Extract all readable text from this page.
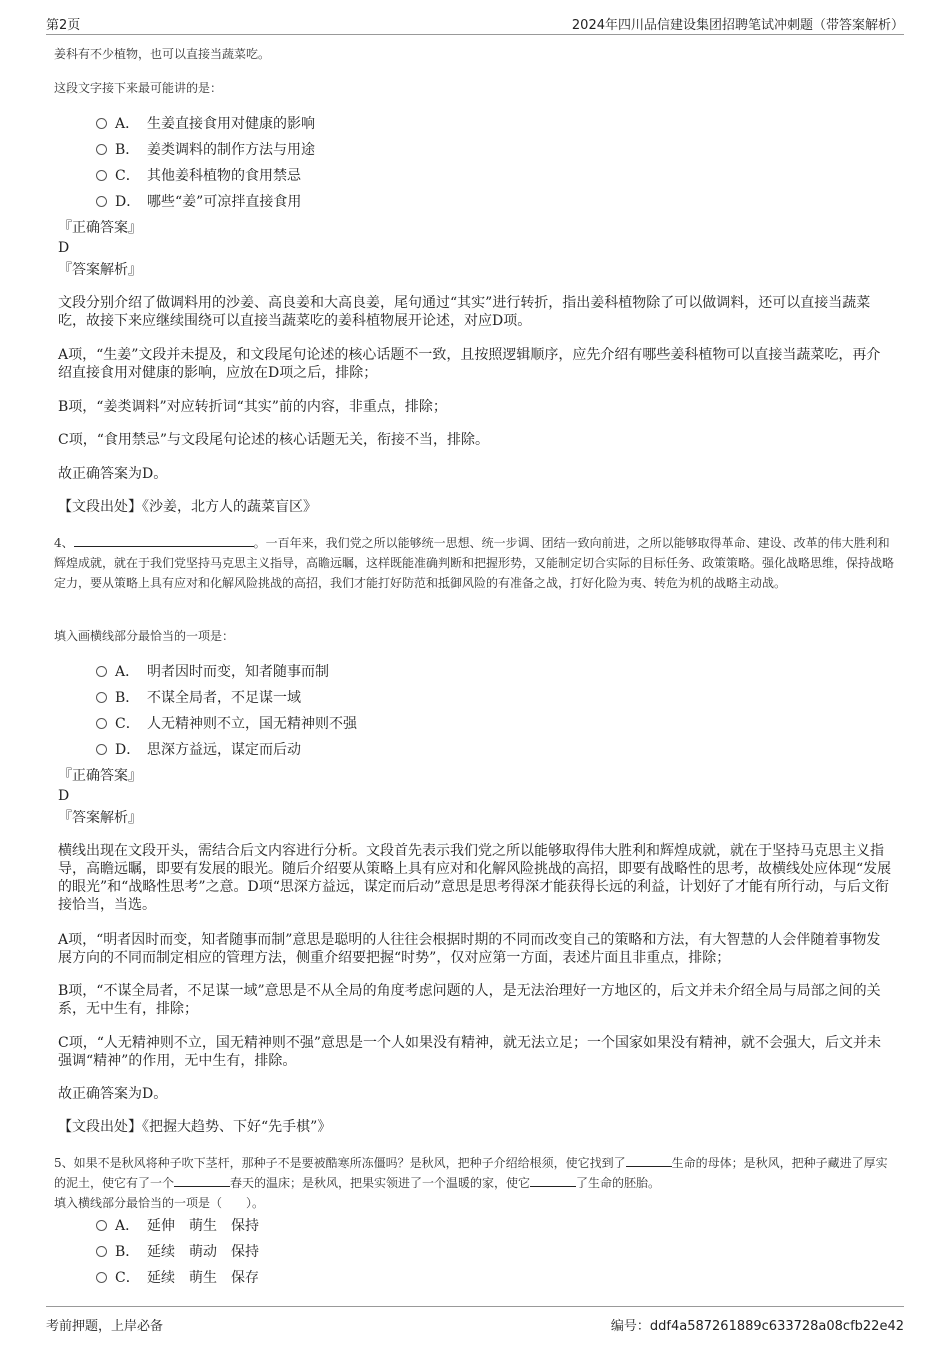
第2页	2024年四川品信建设集团招聘笔试冲刺题（带答案解析）
姜科有不少植物，也可以直接当蔬菜吃。
这段文字接下来最可能讲的是：
A． 生姜直接食用对健康的影响
B． 姜类调料的制作方法与用途
C． 其他姜科植物的食用禁忌
D． 哪些“姜”可凉拌直接食用
『正确答案』
D
『答案解析』
文段分别介绍了做调料用的沙姜、高良姜和大高良姜，尾句通过“其实”进行转折，指出姜科植物除了可以做调料，还可以直接当蔬菜吃，故接下来应继续围绕可以直接当蔬菜吃的姜科植物展开论述，对应D项。
A项，“生姜”文段并未提及，和文段尾句论述的核心话题不一致，且按照逻辑顺序，应先介绍有哪些姜科植物可以直接当蔬菜吃，再介绍直接食用对健康的影响，应放在D项之后，排除；
B项，“姜类调料”对应转折词“其实”前的内容，非重点，排除；
C项，“食用禁忌”与文段尾句论述的核心话题无关，衔接不当，排除。
故正确答案为D。
【文段出处】《沙姜，北方人的蔬菜盲区》
4、	。一百年来，我们党之所以能够统一思想、统一步调、团结一致向前进，之所以能够取得革命、建设、改革的伟大胜利和辉煌成就，就在于我们党坚持马克思主义指导，高瞻远瞩，这样既能准确判断和把握形势，又能制定切合实际的目标任务、政策策略。强化战略思维，保持战略定力，要从策略上具有应对和化解风险挑战的高招，我们才能打好防范和抵御风险的有准备之战，打好化险为夷、转危为机的战略主动战。
填入画横线部分最恰当的一项是：
A． 明者因时而变，知者随事而制
B． 不谋全局者，不足谋一域
C． 人无精神则不立，国无精神则不强
D． 思深方益远，谋定而后动
『正确答案』
D
『答案解析』
横线出现在文段开头，需结合后文内容进行分析。文段首先表示我们党之所以能够取得伟大胜利和辉煌成就，就在于坚持马克思主义指导，高瞻远瞩，即要有发展的眼光。随后介绍要从策略上具有应对和化解风险挑战的高招，即要有战略性的思考，故横线处应体现“发展的眼光”和“战略性思考”之意。D项“思深方益远，谋定而后动”意思是思考得深才能获得长远的利益，计划好了才能有所行动，与后文衔接恰当，当选。
A项，“明者因时而变，知者随事而制”意思是聪明的人往往会根据时期的不同而改变自己的策略和方法，有大智慧的人会伴随着事物发展方向的不同而制定相应的管理方法，侧重介绍要把握“时势”，仅对应第一方面，表述片面且非重点，排除；
B项，“不谋全局者，不足谋一域”意思是不从全局的角度考虑问题的人，是无法治理好一方地区的，后文并未介绍全局与局部之间的关系，无中生有，排除；
C项，“人无精神则不立，国无精神则不强”意思是一个人如果没有精神，就无法立足；一个国家如果没有精神，就不会强大，后文并未强调“精神”的作用，无中生有，排除。
故正确答案为D。
【文段出处】《把握大趋势、下好“先手棋”》
5、如果不是秋风将种子吹下茎杆，那种子不是要被酷寒所冻僵吗？是秋风，把种子介绍给根须，使它找到了	生命的母体；是秋风，把种子藏进了厚实的泥土，使它有了一个	春天的温床；是秋风，把果实领进了一个温暖的家，使它	了生命的胚胎。
填入横线部分最恰当的一项是（　　）。
A． 延伸　萌生　保持
B． 延续　萌动　保持
C． 延续　萌生　保存
考前押题，上岸必备	编号：ddf4a587261889c633728a08cfb22e42
